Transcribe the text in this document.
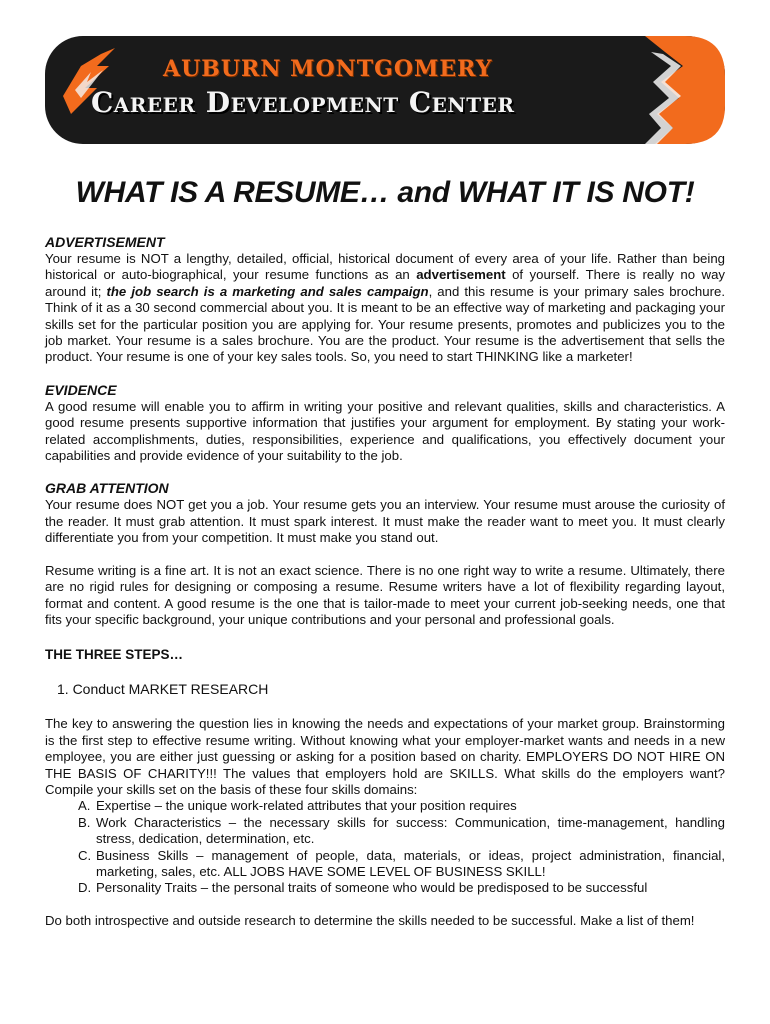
AUBURN MONTGOMERY
Career Development Center
WHAT IS A RESUME… and WHAT IT IS NOT!
ADVERTISEMENT
Your resume is NOT a lengthy, detailed, official, historical document of every area of your life. Rather than being historical or auto-biographical, your resume functions as an advertisement of yourself. There is really no way around it; the job search is a marketing and sales campaign, and this resume is your primary sales brochure. Think of it as a 30 second commercial about you. It is meant to be an effective way of marketing and packaging your skills set for the particular position you are applying for. Your resume presents, promotes and publicizes you to the job market. Your resume is a sales brochure. You are the product. Your resume is the advertisement that sells the product. Your resume is one of your key sales tools. So, you need to start THINKING like a marketer!
EVIDENCE
A good resume will enable you to affirm in writing your positive and relevant qualities, skills and characteristics. A good resume presents supportive information that justifies your argument for employment. By stating your work-related accomplishments, duties, responsibilities, experience and qualifications, you effectively document your capabilities and provide evidence of your suitability to the job.
GRAB ATTENTION
Your resume does NOT get you a job. Your resume gets you an interview. Your resume must arouse the curiosity of the reader. It must grab attention. It must spark interest. It must make the reader want to meet you. It must clearly differentiate you from your competition. It must make you stand out.
Resume writing is a fine art. It is not an exact science. There is no one right way to write a resume. Ultimately, there are no rigid rules for designing or composing a resume. Resume writers have a lot of flexibility regarding layout, format and content. A good resume is the one that is tailor-made to meet your current job-seeking needs, one that fits your specific background, your unique contributions and your personal and professional goals.
THE THREE STEPS…
1. Conduct MARKET RESEARCH
The key to answering the question lies in knowing the needs and expectations of your market group. Brainstorming is the first step to effective resume writing. Without knowing what your employer-market wants and needs in a new employee, you are either just guessing or asking for a position based on charity. EMPLOYERS DO NOT HIRE ON THE BASIS OF CHARITY!!! The values that employers hold are SKILLS. What skills do the employers want? Compile your skills set on the basis of these four skills domains:
A. Expertise – the unique work-related attributes that your position requires
B. Work Characteristics – the necessary skills for success: Communication, time-management, handling stress, dedication, determination, etc.
C. Business Skills – management of people, data, materials, or ideas, project administration, financial, marketing, sales, etc. ALL JOBS HAVE SOME LEVEL OF BUSINESS SKILL!
D. Personality Traits – the personal traits of someone who would be predisposed to be successful
Do both introspective and outside research to determine the skills needed to be successful. Make a list of them!
